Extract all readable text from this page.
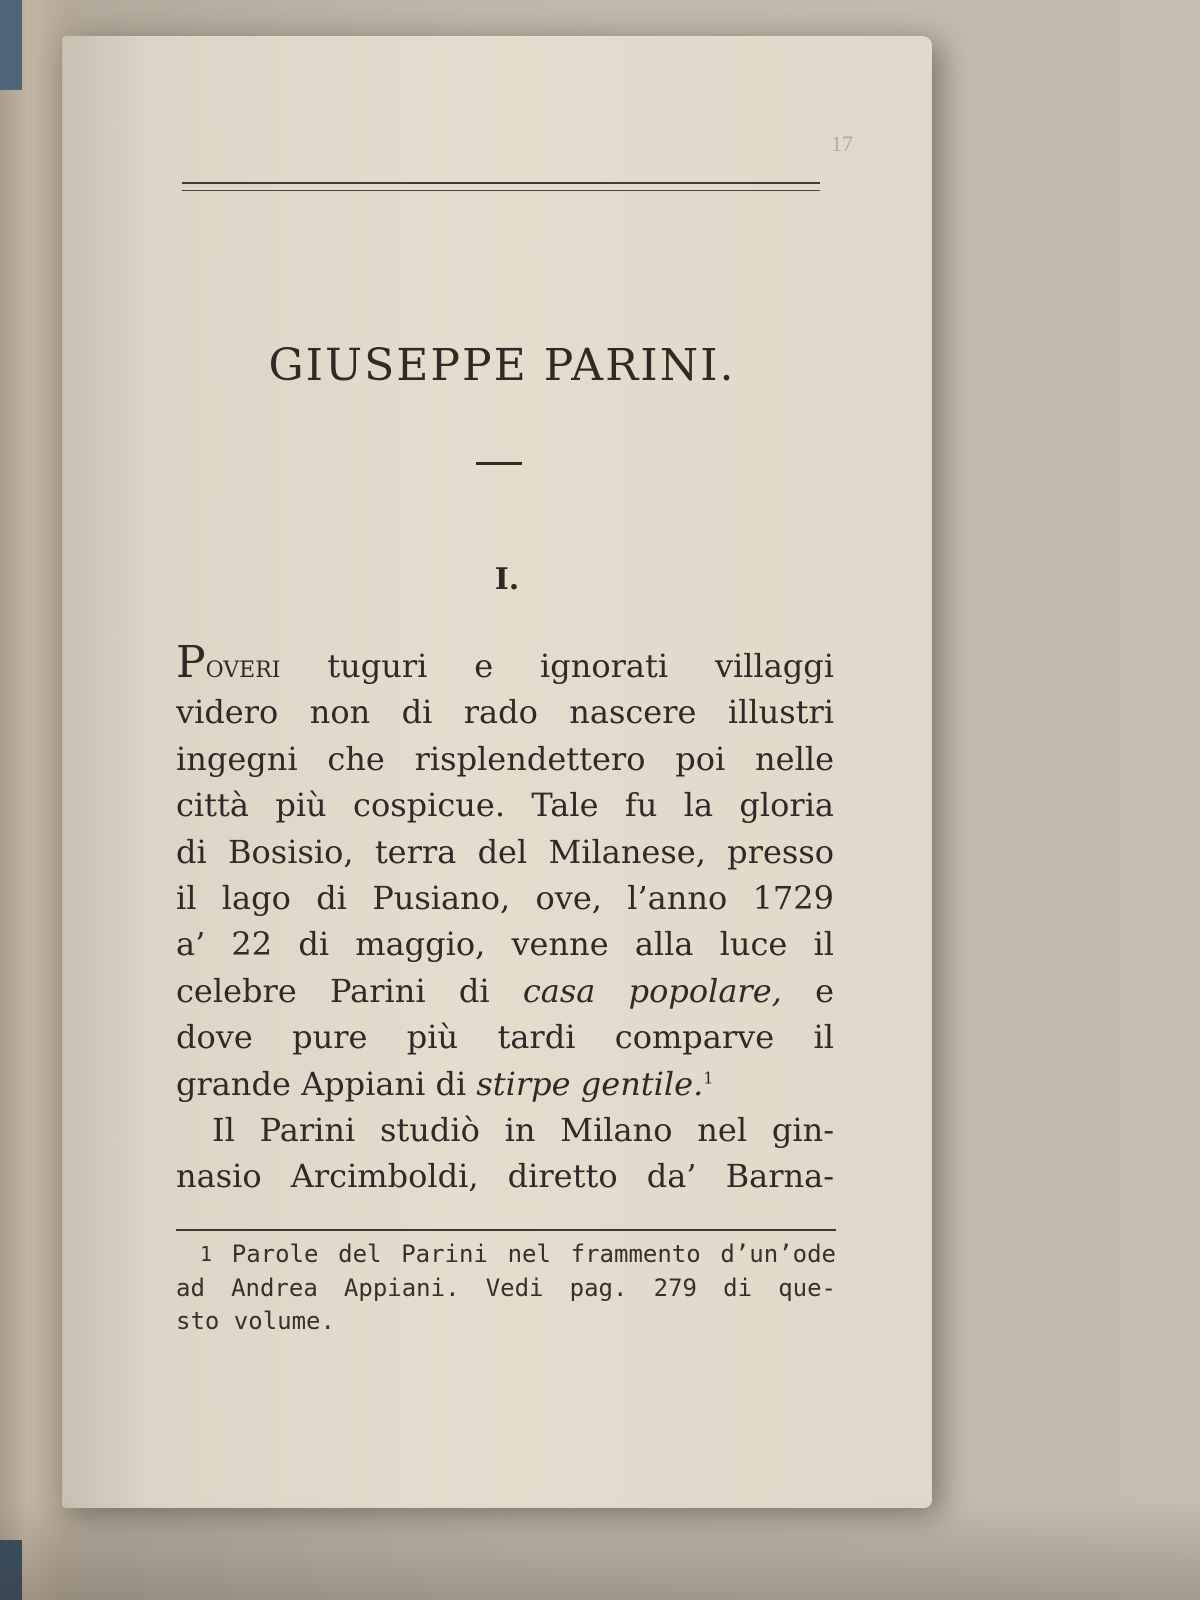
17
GIUSEPPE PARINI.
I.
Poveri tuguri e ignorati villaggi
videro non di rado nascere illustri
ingegni che risplendettero poi nelle
città più cospicue. Tale fu la gloria
di Bosisio, terra del Milanese, presso
il lago di Pusiano, ove, l’anno 1729
a’ 22 di maggio, venne alla luce il
celebre Parini di casa popolare, e
dove pure più tardi comparve il
grande Appiani di stirpe gentile.$^1$
Il Parini studiò in Milano nel gin-
nasio Arcimboldi, diretto da’ Barna-
$^1$ Parole del Parini nel frammento d’un’ode
ad Andrea Appiani. Vedi pag. 279 di que-
sto volume.
